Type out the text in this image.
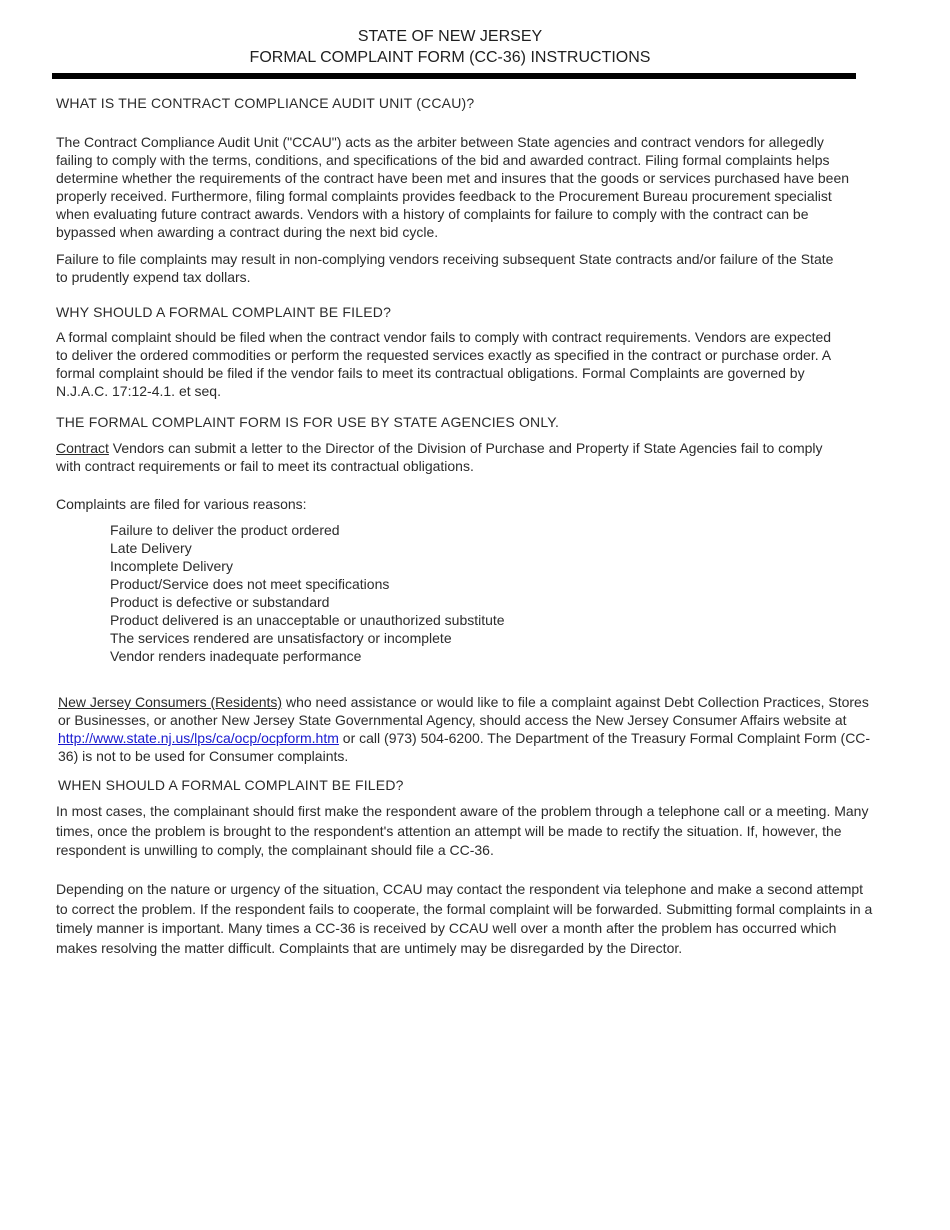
STATE OF NEW JERSEY
FORMAL COMPLAINT FORM (CC-36) INSTRUCTIONS
WHAT IS THE CONTRACT COMPLIANCE AUDIT UNIT (CCAU)?

The Contract Compliance Audit Unit ("CCAU") acts as the arbiter between State agencies and contract vendors for allegedly failing to comply with the terms, conditions, and specifications of the bid and awarded contract. Filing formal complaints helps determine whether the requirements of the contract have been met and insures that the goods or services purchased have been properly received. Furthermore, filing formal complaints provides feedback to the Procurement Bureau procurement specialist when evaluating future contract awards. Vendors with a history of complaints for failure to comply with the contract can be bypassed when awarding a contract during the next bid cycle.

Failure to file complaints may result in non-complying vendors receiving subsequent State contracts and/or failure of the State to prudently expend tax dollars.

WHY SHOULD A FORMAL COMPLAINT BE FILED?

A formal complaint should be filed when the contract vendor fails to comply with contract requirements. Vendors are expected to deliver the ordered commodities or perform the requested services exactly as specified in the contract or purchase order. A formal complaint should be filed if the vendor fails to meet its contractual obligations. Formal Complaints are governed by N.J.A.C. 17:12-4.1. et seq.

THE FORMAL COMPLAINT FORM IS FOR USE BY STATE AGENCIES ONLY.

Contract Vendors can submit a letter to the Director of the Division of Purchase and Property if State Agencies fail to comply with contract requirements or fail to meet its contractual obligations.

Complaints are filed for various reasons:
Failure to deliver the product ordered
Late Delivery
Incomplete Delivery
Product/Service does not meet specifications
Product is defective or substandard
Product delivered is an unacceptable or unauthorized substitute
The services rendered are unsatisfactory or incomplete
Vendor renders inadequate performance

New Jersey Consumers (Residents) who need assistance or would like to file a complaint against Debt Collection Practices, Stores or Businesses, or another New Jersey State Governmental Agency, should access the New Jersey Consumer Affairs website at http://www.state.nj.us/lps/ca/ocp/ocpform.htm or call (973) 504-6200. The Department of the Treasury Formal Complaint Form (CC-36) is not to be used for Consumer complaints.

WHEN SHOULD A FORMAL COMPLAINT BE FILED?

In most cases, the complainant should first make the respondent aware of the problem through a telephone call or a meeting. Many times, once the problem is brought to the respondent's attention an attempt will be made to rectify the situation. If, however, the respondent is unwilling to comply, the complainant should file a CC-36.

Depending on the nature or urgency of the situation, CCAU may contact the respondent via telephone and make a second attempt to correct the problem. If the respondent fails to cooperate, the formal complaint will be forwarded. Submitting formal complaints in a timely manner is important. Many times a CC-36 is received by CCAU well over a month after the problem has occurred which makes resolving the matter difficult. Complaints that are untimely may be disregarded by the Director.
